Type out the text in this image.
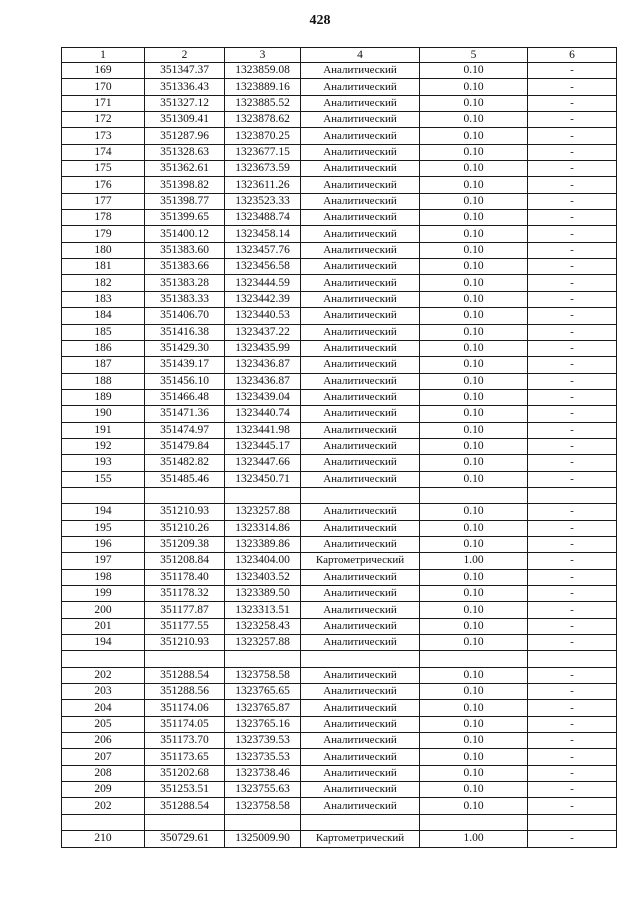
428
1	2	3	4	5	6
169	351347.37	1323859.08	Аналитический	0.10	-
170	351336.43	1323889.16	Аналитический	0.10	-
171	351327.12	1323885.52	Аналитический	0.10	-
172	351309.41	1323878.62	Аналитический	0.10	-
173	351287.96	1323870.25	Аналитический	0.10	-
174	351328.63	1323677.15	Аналитический	0.10	-
175	351362.61	1323673.59	Аналитический	0.10	-
176	351398.82	1323611.26	Аналитический	0.10	-
177	351398.77	1323523.33	Аналитический	0.10	-
178	351399.65	1323488.74	Аналитический	0.10	-
179	351400.12	1323458.14	Аналитический	0.10	-
180	351383.60	1323457.76	Аналитический	0.10	-
181	351383.66	1323456.58	Аналитический	0.10	-
182	351383.28	1323444.59	Аналитический	0.10	-
183	351383.33	1323442.39	Аналитический	0.10	-
184	351406.70	1323440.53	Аналитический	0.10	-
185	351416.38	1323437.22	Аналитический	0.10	-
186	351429.30	1323435.99	Аналитический	0.10	-
187	351439.17	1323436.87	Аналитический	0.10	-
188	351456.10	1323436.87	Аналитический	0.10	-
189	351466.48	1323439.04	Аналитический	0.10	-
190	351471.36	1323440.74	Аналитический	0.10	-
191	351474.97	1323441.98	Аналитический	0.10	-
192	351479.84	1323445.17	Аналитический	0.10	-
193	351482.82	1323447.66	Аналитический	0.10	-
155	351485.46	1323450.71	Аналитический	0.10	-

194	351210.93	1323257.88	Аналитический	0.10	-
195	351210.26	1323314.86	Аналитический	0.10	-
196	351209.38	1323389.86	Аналитический	0.10	-
197	351208.84	1323404.00	Картометрический	1.00	-
198	351178.40	1323403.52	Аналитический	0.10	-
199	351178.32	1323389.50	Аналитический	0.10	-
200	351177.87	1323313.51	Аналитический	0.10	-
201	351177.55	1323258.43	Аналитический	0.10	-
194	351210.93	1323257.88	Аналитический	0.10	-

202	351288.54	1323758.58	Аналитический	0.10	-
203	351288.56	1323765.65	Аналитический	0.10	-
204	351174.06	1323765.87	Аналитический	0.10	-
205	351174.05	1323765.16	Аналитический	0.10	-
206	351173.70	1323739.53	Аналитический	0.10	-
207	351173.65	1323735.53	Аналитический	0.10	-
208	351202.68	1323738.46	Аналитический	0.10	-
209	351253.51	1323755.63	Аналитический	0.10	-
202	351288.54	1323758.58	Аналитический	0.10	-

210	350729.61	1325009.90	Картометрический	1.00	-
